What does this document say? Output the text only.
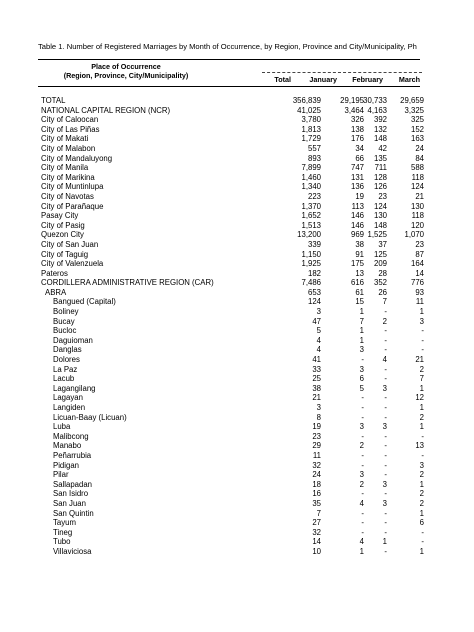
Table 1. Number of Registered Marriages by Month of Occurrence, by Region, Province and City/Municipality, Ph
Place of Occurrence
(Region, Province, City/Municipality)	Total	January February March
TOTAL	356,839 29,195 30,733 29,659
NATIONAL CAPITAL REGION (NCR)	41,025	3,464 4,163 3,325
City of Caloocan	3,780	326 392	325
City of Las Piñas	1,813	138 132	152
City of Makati	1,729	176 148	163
City of Malabon	557	34 42	24
City of Mandaluyong	893	66 135	84
City of Manila	7,899	747 711	588
City of Marikina	1,460	131 128	118
City of Muntinlupa	1,340	136 126	124
City of Navotas	223	19 23	21
City of Parañaque	1,370	113 124	130
Pasay City	1,652	146 130	118
City of Pasig	1,513	146 148	120
Quezon City	13,200	969 1,525 1,070
City of San Juan	339	38 37	23
City of Taguig	1,150	91 125	87
City of Valenzuela	1,925	175 209	164
Pateros	182	13 28	14
CORDILLERA ADMINISTRATIVE REGION (CAR)	7,486	616 352	776
ABRA	653	61 26	93
Bangued (Capital)	124	15 7	11
Boliney	3	1	-	1
Bucay	47	7 2	3
Bucloc	5	1	-	-
Daguioman	4	1	-	-
Danglas	4	3	-	-
Dolores	41	- 4	21
La Paz	33	3	-	2
Lacub	25	6	-	7
Lagangilang	38	5 3	1
Lagayan	21	-	-	12
Langiden	3	-	-	1
Licuan-Baay (Licuan)	8	-	-	2
Luba	19	3 3	1
Malibcong	23	-	-	-
Manabo	29	2	-	13
Peñarrubia	11	-	-	-
Pidigan	32	-	-	3
Pilar	24	3	-	2
Sallapadan	18	2 3	1
San Isidro	16	-	-	2
San Juan	35	4 3	2
San Quintin	7	-	-	1
Tayum	27	-	-	6
Tineg	32	-	-	-
Tubo	14	4 1	-
Villaviciosa	10	1	-	1
